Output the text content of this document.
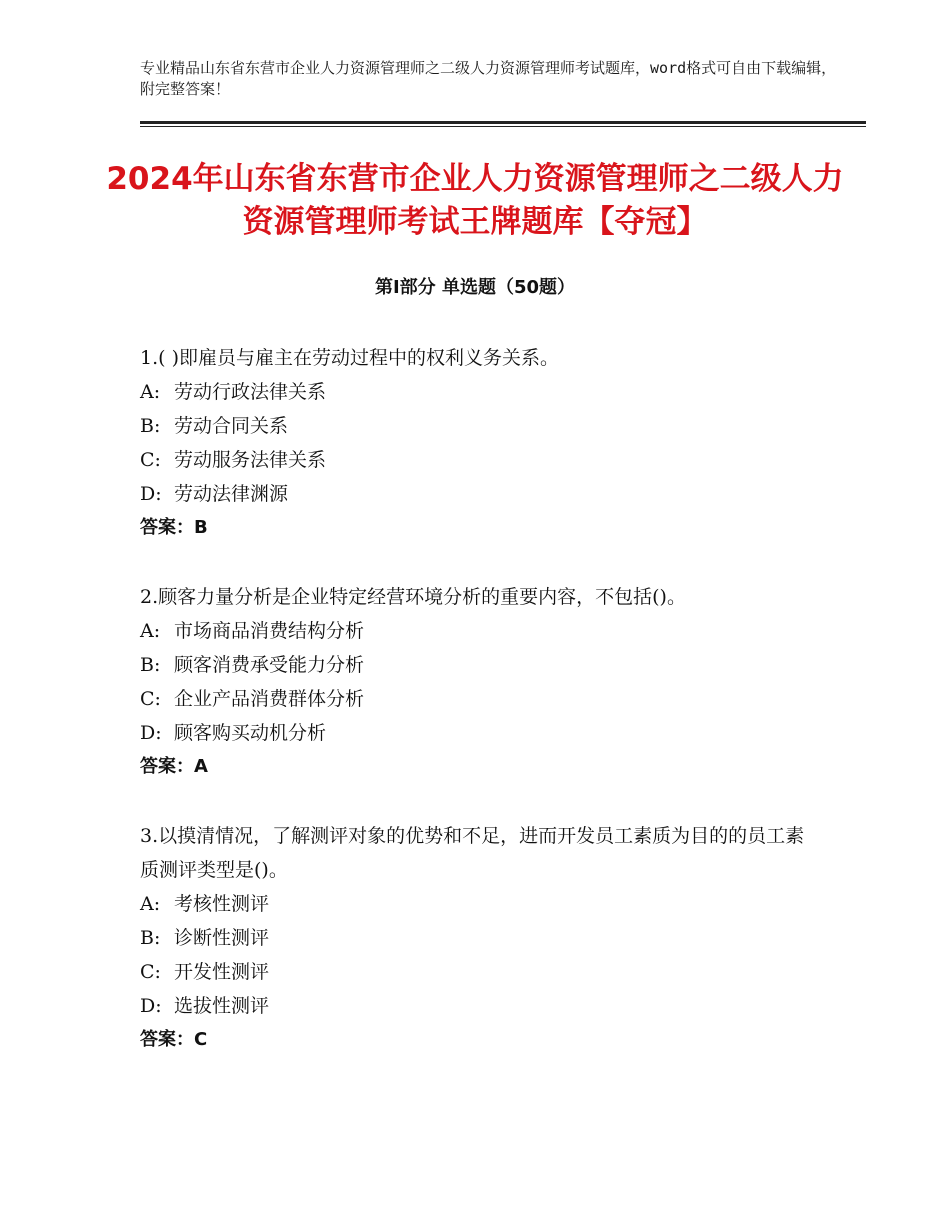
专业精品山东省东营市企业人力资源管理师之二级人力资源管理师考试题库，word格式可自由下载编辑，附完整答案！
2024年山东省东营市企业人力资源管理师之二级人力资源管理师考试王牌题库【夺冠】
第Ⅰ部分 单选题（50题）
1.( )即雇员与雇主在劳动过程中的权利义务关系。
A: 劳动行政法律关系
B: 劳动合同关系
C: 劳动服务法律关系
D: 劳动法律渊源
答案：B
2.顾客力量分析是企业特定经营环境分析的重要内容，不包括()。
A: 市场商品消费结构分析
B: 顾客消费承受能力分析
C: 企业产品消费群体分析
D: 顾客购买动机分析
答案：A
3.以摸清情况，了解测评对象的优势和不足，进而开发员工素质为目的的员工素质测评类型是()。
A: 考核性测评
B: 诊断性测评
C: 开发性测评
D: 选拔性测评
答案：C
